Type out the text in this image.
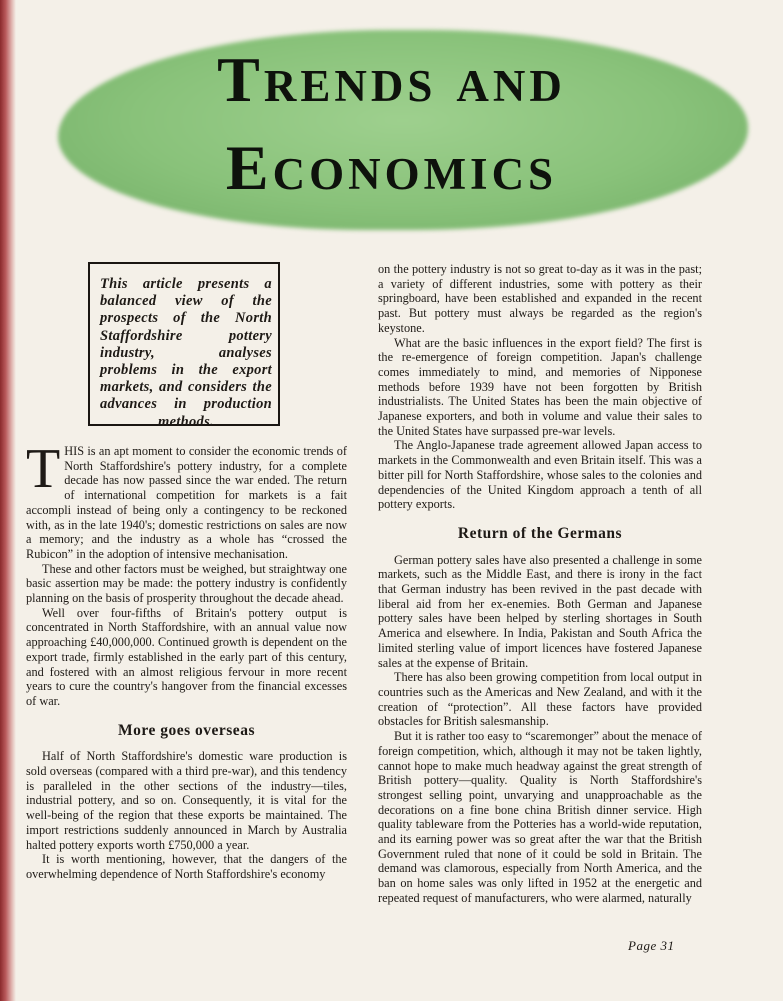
Trends and
Economics

This article presents a balanced view of the prospects of the North Staffordshire pottery industry, analyses problems in the export markets, and considers the advances in production methods.

THIS is an apt moment to consider the economic trends of North Staffordshire's pottery industry, for a complete decade has now passed since the war ended. The return of international competition for markets is a fait accompli instead of being only a contingency to be reckoned with, as in the late 1940's; domestic restrictions on sales are now a memory; and the industry as a whole has “crossed the Rubicon” in the adoption of intensive mechanisation.

These and other factors must be weighed, but straightway one basic assertion may be made: the pottery industry is confidently planning on the basis of prosperity throughout the decade ahead.

Well over four-fifths of Britain's pottery output is concentrated in North Staffordshire, with an annual value now approaching £40,000,000. Continued growth is dependent on the export trade, firmly established in the early part of this century, and fostered with an almost religious fervour in more recent years to cure the country's hangover from the financial excesses of war.

More goes overseas

Half of North Staffordshire's domestic ware production is sold overseas (compared with a third pre-war), and this tendency is paralleled in the other sections of the industry—tiles, industrial pottery, and so on. Consequently, it is vital for the well-being of the region that these exports be maintained. The import restrictions suddenly announced in March by Australia halted pottery exports worth £750,000 a year.

It is worth mentioning, however, that the dangers of the overwhelming dependence of North Staffordshire's economy

on the pottery industry is not so great to-day as it was in the past; a variety of different industries, some with pottery as their springboard, have been established and expanded in the recent past. But pottery must always be regarded as the region's keystone.

What are the basic influences in the export field? The first is the re-emergence of foreign competition. Japan's challenge comes immediately to mind, and memories of Nipponese methods before 1939 have not been forgotten by British industrialists. The United States has been the main objective of Japanese exporters, and both in volume and value their sales to the United States have surpassed pre-war levels.

The Anglo-Japanese trade agreement allowed Japan access to markets in the Commonwealth and even Britain itself. This was a bitter pill for North Staffordshire, whose sales to the colonies and dependencies of the United Kingdom approach a tenth of all pottery exports.

Return of the Germans

German pottery sales have also presented a challenge in some markets, such as the Middle East, and there is irony in the fact that German industry has been revived in the past decade with liberal aid from her ex-enemies. Both German and Japanese pottery sales have been helped by sterling shortages in South America and elsewhere. In India, Pakistan and South Africa the limited sterling value of import licences have fostered Japanese sales at the expense of Britain.

There has also been growing competition from local output in countries such as the Americas and New Zealand, and with it the creation of “protection”. All these factors have provided obstacles for British salesmanship.

But it is rather too easy to “scaremonger” about the menace of foreign competition, which, although it may not be taken lightly, cannot hope to make much headway against the great strength of British pottery—quality. Quality is North Staffordshire's strongest selling point, unvarying and unapproachable as the decorations on a fine bone china British dinner service. High quality tableware from the Potteries has a world-wide reputation, and its earning power was so great after the war that the British Government ruled that none of it could be sold in Britain. The demand was clamorous, especially from North America, and the ban on home sales was only lifted in 1952 at the energetic and repeated request of manufacturers, who were alarmed, naturally

Page 31
